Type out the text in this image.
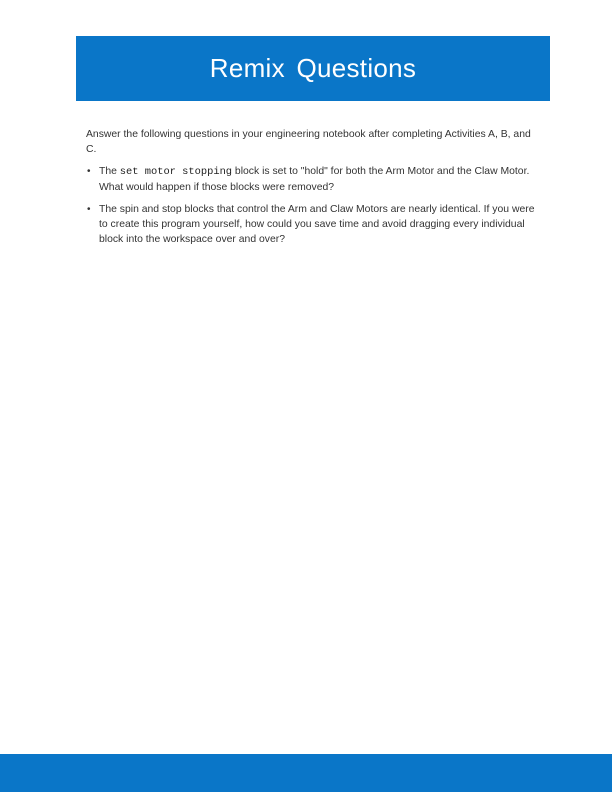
Remix Questions

Answer the following questions in your engineering notebook after completing Activities A, B, and C.

• The set motor stopping block is set to "hold" for both the Arm Motor and the Claw Motor. What would happen if those blocks were removed?
• The spin and stop blocks that control the Arm and Claw Motors are nearly identical. If you were to create this program yourself, how could you save time and avoid dragging every individual block into the workspace over and over?
